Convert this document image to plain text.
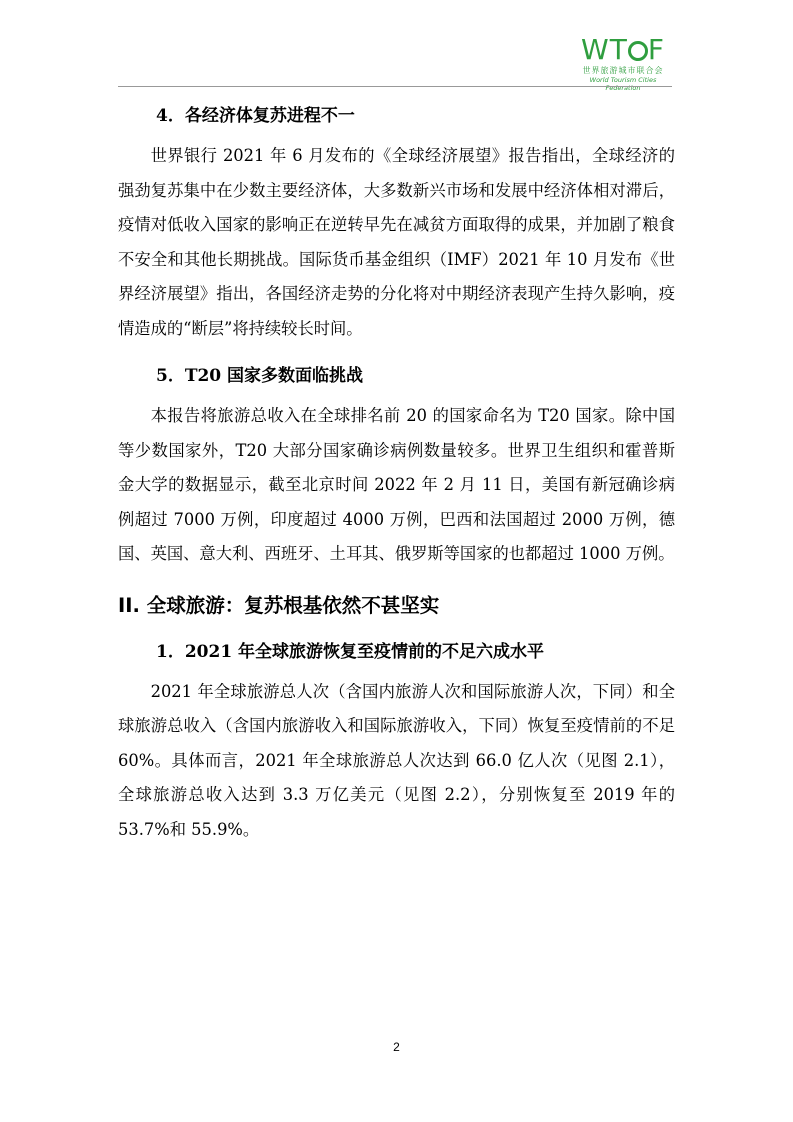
WT F
世界旅游城市联合会
World Tourism Cities Federation
4．各经济体复苏进程不一

世界银行 2021 年 6 月发布的《全球经济展望》报告指出，全球经济的强劲复苏集中在少数主要经济体，大多数新兴市场和发展中经济体相对滞后，疫情对低收入国家的影响正在逆转早先在减贫方面取得的成果，并加剧了粮食不安全和其他长期挑战。国际货币基金组织（IMF）2021 年 10 月发布《世界经济展望》指出，各国经济走势的分化将对中期经济表现产生持久影响，疫情造成的“断层”将持续较长时间。

5．T20 国家多数面临挑战

本报告将旅游总收入在全球排名前 20 的国家命名为 T20 国家。除中国等少数国家外，T20 大部分国家确诊病例数量较多。世界卫生组织和霍普斯金大学的数据显示，截至北京时间 2022 年 2 月 11 日，美国有新冠确诊病例超过 7000 万例，印度超过 4000 万例，巴西和法国超过 2000 万例，德国、英国、意大利、西班牙、土耳其、俄罗斯等国家的也都超过 1000 万例。

II. 全球旅游：复苏根基依然不甚坚实
1．2021 年全球旅游恢复至疫情前的不足六成水平

2021 年全球旅游总人次（含国内旅游人次和国际旅游人次，下同）和全球旅游总收入（含国内旅游收入和国际旅游收入，下同）恢复至疫情前的不足 60%。具体而言，2021 年全球旅游总人次达到 66.0 亿人次（见图 2.1），全球旅游总收入达到 3.3 万亿美元（见图 2.2），分别恢复至 2019 年的 53.7%和 55.9%。

2
